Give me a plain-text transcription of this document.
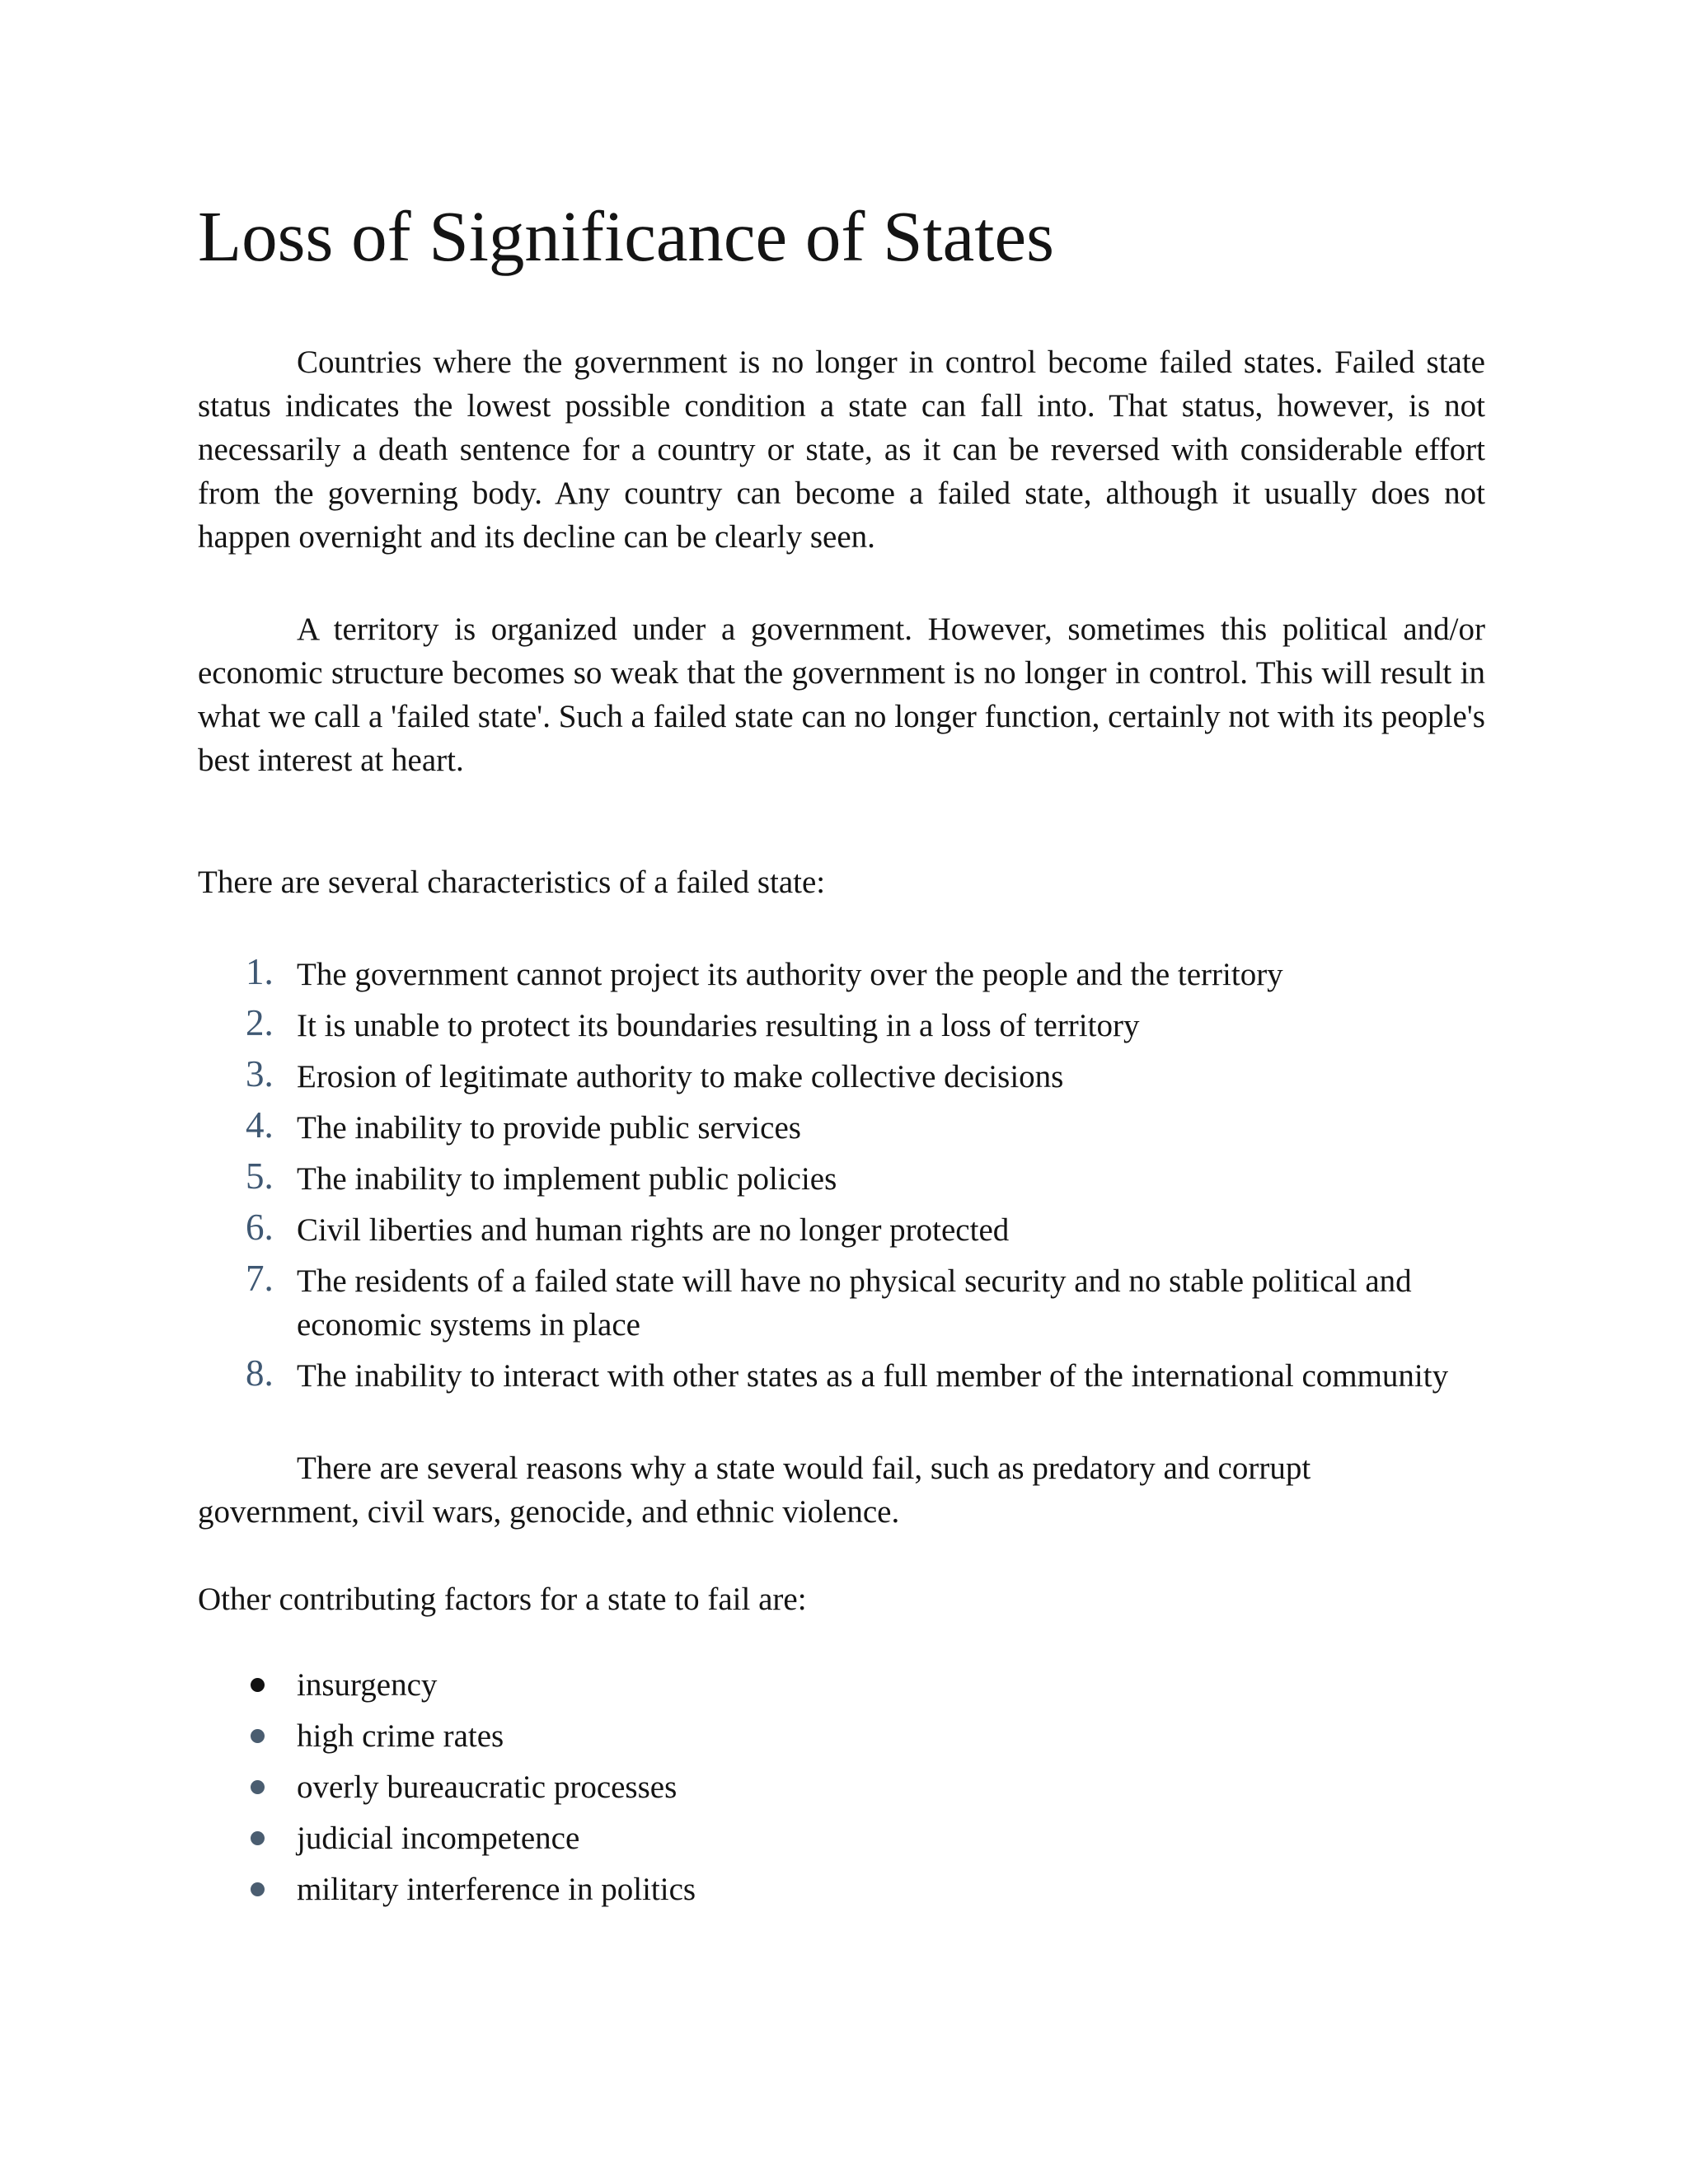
Loss of Significance of States

Countries where the government is no longer in control become failed states. Failed state status indicates the lowest possible condition a state can fall into. That status, however, is not necessarily a death sentence for a country or state, as it can be reversed with considerable effort from the governing body. Any country can become a failed state, although it usually does not happen overnight and its decline can be clearly seen.

A territory is organized under a government. However, sometimes this political and/or economic structure becomes so weak that the government is no longer in control. This will result in what we call a 'failed state'. Such a failed state can no longer function, certainly not with its people's best interest at heart.

There are several characteristics of a failed state:

1. The government cannot project its authority over the people and the territory
2. It is unable to protect its boundaries resulting in a loss of territory
3. Erosion of legitimate authority to make collective decisions
4. The inability to provide public services
5. The inability to implement public policies
6. Civil liberties and human rights are no longer protected
7. The residents of a failed state will have no physical security and no stable political and economic systems in place
8. The inability to interact with other states as a full member of the international community

There are several reasons why a state would fail, such as predatory and corrupt government, civil wars, genocide, and ethnic violence.

Other contributing factors for a state to fail are:

insurgency
high crime rates
overly bureaucratic processes
judicial incompetence
military interference in politics
